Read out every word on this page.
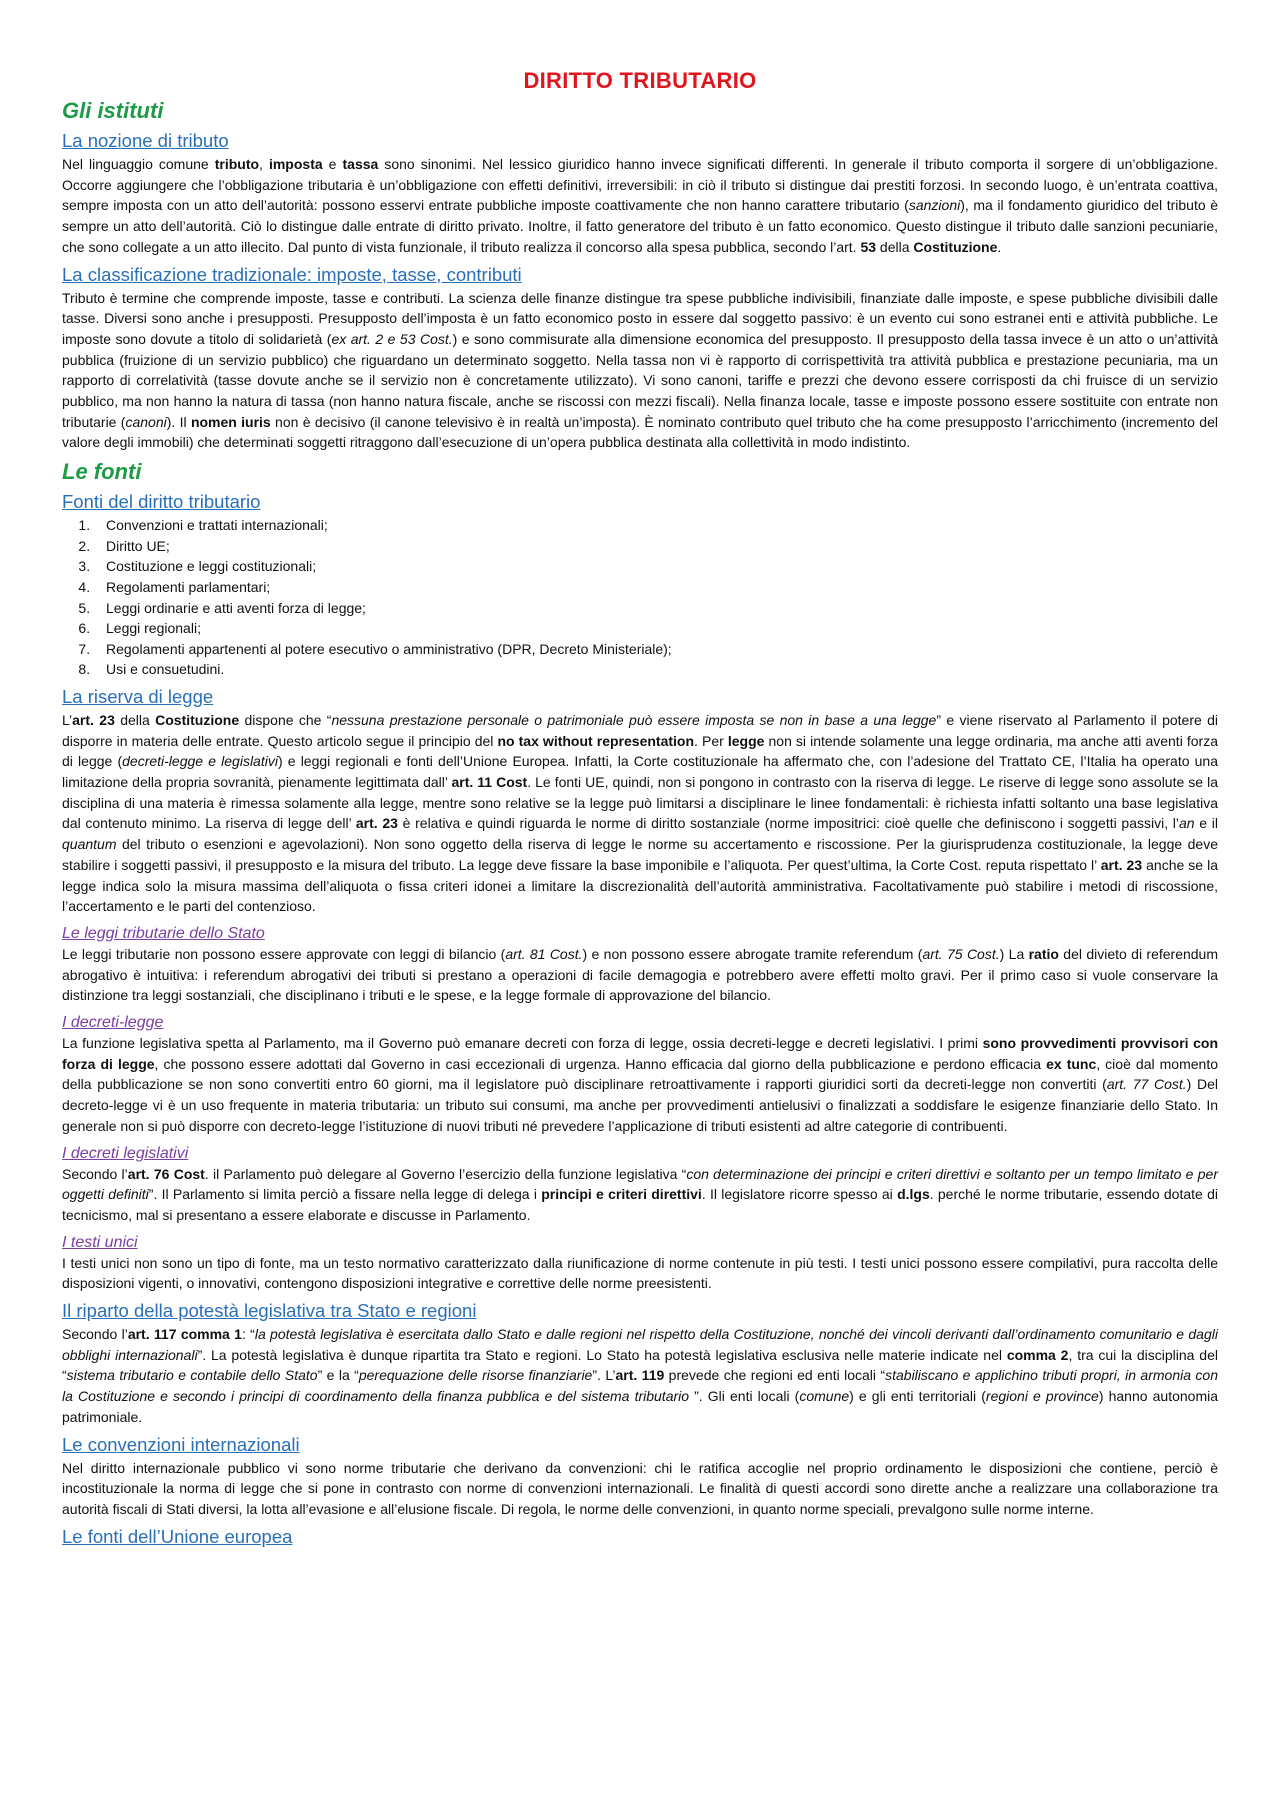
DIRITTO TRIBUTARIO
Gli istituti
La nozione di tributo

Nel linguaggio comune tributo, imposta e tassa sono sinonimi. Nel lessico giuridico hanno invece significati differenti. In generale il tributo comporta il sorgere di un’obbligazione. Occorre aggiungere che l’obbligazione tributaria è un’obbligazione con effetti definitivi, irreversibili: in ciò il tributo si distingue dai prestiti forzosi. In secondo luogo, è un’entrata coattiva, sempre imposta con un atto dell’autorità: possono esservi entrate pubbliche imposte coattivamente che non hanno carattere tributario (sanzioni), ma il fondamento giuridico del tributo è sempre un atto dell’autorità. Ciò lo distingue dalle entrate di diritto privato. Inoltre, il fatto generatore del tributo è un fatto economico. Questo distingue il tributo dalle sanzioni pecuniarie, che sono collegate a un atto illecito. Dal punto di vista funzionale, il tributo realizza il concorso alla spesa pubblica, secondo l’art. 53 della Costituzione.

La classificazione tradizionale: imposte, tasse, contributi

Tributo è termine che comprende imposte, tasse e contributi. La scienza delle finanze distingue tra spese pubbliche indivisibili, finanziate dalle imposte, e spese pubbliche divisibili dalle tasse. Diversi sono anche i presupposti. Presupposto dell’imposta è un fatto economico posto in essere dal soggetto passivo: è un evento cui sono estranei enti e attività pubbliche. Le imposte sono dovute a titolo di solidarietà (ex art. 2 e 53 Cost.) e sono commisurate alla dimensione economica del presupposto. Il presupposto della tassa invece è un atto o un’attività pubblica (fruizione di un servizio pubblico) che riguardano un determinato soggetto. Nella tassa non vi è rapporto di corrispettività tra attività pubblica e prestazione pecuniaria, ma un rapporto di correlatività (tasse dovute anche se il servizio non è concretamente utilizzato). Vi sono canoni, tariffe e prezzi che devono essere corrisposti da chi fruisce di un servizio pubblico, ma non hanno la natura di tassa (non hanno natura fiscale, anche se riscossi con mezzi fiscali). Nella finanza locale, tasse e imposte possono essere sostituite con entrate non tributarie (canoni). Il nomen iuris non è decisivo (il canone televisivo è in realtà un’imposta). È nominato contributo quel tributo che ha come presupposto l’arricchimento (incremento del valore degli immobili) che determinati soggetti ritraggono dall’esecuzione di un’opera pubblica destinata alla collettività in modo indistinto.

Le fonti
Fonti del diritto tributario
1. Convenzioni e trattati internazionali;
2. Diritto UE;
3. Costituzione e leggi costituzionali;
4. Regolamenti parlamentari;
5. Leggi ordinarie e atti aventi forza di legge;
6. Leggi regionali;
7. Regolamenti appartenenti al potere esecutivo o amministrativo (DPR, Decreto Ministeriale);
8. Usi e consuetudini.
La riserva di legge

L’art. 23 della Costituzione dispone che “nessuna prestazione personale o patrimoniale può essere imposta se non in base a una legge” e viene riservato al Parlamento il potere di disporre in materia delle entrate. Questo articolo segue il principio del no tax without representation. Per legge non si intende solamente una legge ordinaria, ma anche atti aventi forza di legge (decreti-legge e legislativi) e leggi regionali e fonti dell’Unione Europea. Infatti, la Corte costituzionale ha affermato che, con l’adesione del Trattato CE, l’Italia ha operato una limitazione della propria sovranità, pienamente legittimata dall’ art. 11 Cost. Le fonti UE, quindi, non si pongono in contrasto con la riserva di legge. Le riserve di legge sono assolute se la disciplina di una materia è rimessa solamente alla legge, mentre sono relative se la legge può limitarsi a disciplinare le linee fondamentali: è richiesta infatti soltanto una base legislativa dal contenuto minimo. La riserva di legge dell’ art. 23 è relativa e quindi riguarda le norme di diritto sostanziale (norme impositrici: cioè quelle che definiscono i soggetti passivi, l’an e il quantum del tributo o esenzioni e agevolazioni). Non sono oggetto della riserva di legge le norme su accertamento e riscossione. Per la giurisprudenza costituzionale, la legge deve stabilire i soggetti passivi, il presupposto e la misura del tributo. La legge deve fissare la base imponibile e l’aliquota. Per quest’ultima, la Corte Cost. reputa rispettato l’ art. 23 anche se la legge indica solo la misura massima dell’aliquota o fissa criteri idonei a limitare la discrezionalità dell’autorità amministrativa. Facoltativamente può stabilire i metodi di riscossione, l’accertamento e le parti del contenzioso.

Le leggi tributarie dello Stato

Le leggi tributarie non possono essere approvate con leggi di bilancio (art. 81 Cost.) e non possono essere abrogate tramite referendum (art. 75 Cost.) La ratio del divieto di referendum abrogativo è intuitiva: i referendum abrogativi dei tributi si prestano a operazioni di facile demagogia e potrebbero avere effetti molto gravi. Per il primo caso si vuole conservare la distinzione tra leggi sostanziali, che disciplinano i tributi e le spese, e la legge formale di approvazione del bilancio.

I decreti-legge

La funzione legislativa spetta al Parlamento, ma il Governo può emanare decreti con forza di legge, ossia decreti-legge e decreti legislativi. I primi sono provvedimenti provvisori con forza di legge, che possono essere adottati dal Governo in casi eccezionali di urgenza. Hanno efficacia dal giorno della pubblicazione e perdono efficacia ex tunc, cioè dal momento della pubblicazione se non sono convertiti entro 60 giorni, ma il legislatore può disciplinare retroattivamente i rapporti giuridici sorti da decreti-legge non convertiti (art. 77 Cost.) Del decreto-legge vi è un uso frequente in materia tributaria: un tributo sui consumi, ma anche per provvedimenti antielusivi o finalizzati a soddisfare le esigenze finanziarie dello Stato. In generale non si può disporre con decreto-legge l’istituzione di nuovi tributi né prevedere l’applicazione di tributi esistenti ad altre categorie di contribuenti.

I decreti legislativi

Secondo l’art. 76 Cost. il Parlamento può delegare al Governo l’esercizio della funzione legislativa “con determinazione dei principi e criteri direttivi e soltanto per un tempo limitato e per oggetti definiti”. Il Parlamento si limita perciò a fissare nella legge di delega i principi e criteri direttivi. Il legislatore ricorre spesso ai d.lgs. perché le norme tributarie, essendo dotate di tecnicismo, mal si presentano a essere elaborate e discusse in Parlamento.

I testi unici

I testi unici non sono un tipo di fonte, ma un testo normativo caratterizzato dalla riunificazione di norme contenute in più testi. I testi unici possono essere compilativi, pura raccolta delle disposizioni vigenti, o innovativi, contengono disposizioni integrative e correttive delle norme preesistenti.

Il riparto della potestà legislativa tra Stato e regioni

Secondo l’art. 117 comma 1: “la potestà legislativa è esercitata dallo Stato e dalle regioni nel rispetto della Costituzione, nonché dei vincoli derivanti dall’ordinamento comunitario e dagli obblighi internazionali”. La potestà legislativa è dunque ripartita tra Stato e regioni. Lo Stato ha potestà legislativa esclusiva nelle materie indicate nel comma 2, tra cui la disciplina del “sistema tributario e contabile dello Stato” e la “perequazione delle risorse finanziarie”. L’art. 119 prevede che regioni ed enti locali “stabiliscano e applichino tributi propri, in armonia con la Costituzione e secondo i principi di coordinamento della finanza pubblica e del sistema tributario ”. Gli enti locali (comune) e gli enti territoriali (regioni e province) hanno autonomia patrimoniale.

Le convenzioni internazionali

Nel diritto internazionale pubblico vi sono norme tributarie che derivano da convenzioni: chi le ratifica accoglie nel proprio ordinamento le disposizioni che contiene, perciò è incostituzionale la norma di legge che si pone in contrasto con norme di convenzioni internazionali. Le finalità di questi accordi sono dirette anche a realizzare una collaborazione tra autorità fiscali di Stati diversi, la lotta all’evasione e all’elusione fiscale. Di regola, le norme delle convenzioni, in quanto norme speciali, prevalgono sulle norme interne.

Le fonti dell’Unione europea
